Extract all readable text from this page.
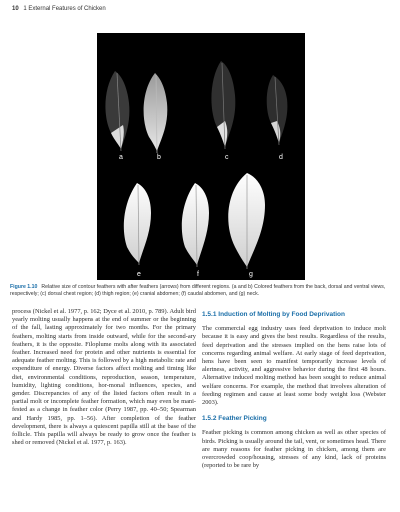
10 1 External Features of Chicken
a	b	c	d
e	f	g
Figure 1.10 Relative size of contour feathers with after feathers (arrows) from different regions. (a and b) Colored feathers from the back, dorsal and ventral views, respectively; (c) dorsal chest region; (d) thigh region; (e) cranial abdomen; (f) caudal abdomen, and (g) neck.

process (Nickel et al. 1977, p. 162; Dyce et al. 2010, p. 789). Adult bird yearly molting usually happens at the end of summer or the beginning of the fall, lasting approximately for two months. For the primary feathers, molting starts from inside outward, while for the second-ary feathers, it is the opposite. Filoplume molts along with its associated feather. Increased need for protein and other nutrients is essential for adequate feather molting. This is followed by a high metabolic rate and expenditure of energy. Diverse factors affect molting and timing like diet, environmental conditions, reproduction, season, temperature, humidity, lighting conditions, hor-monal influences, species, and gender. Discrepancies of any of the listed factors often result in a partial molt or incomplete feather formation, which may even be mani-fested as a change in feather color (Perry 1987, pp. 40–50; Spearman and Hardy 1985, pp. 1–56). After completion of the feather development, there is always a quiescent papilla still at the base of the follicle. This papilla will always be ready to grow once the feather is shed or removed (Nickel et al. 1977, p. 163).

1.5.1 Induction of Molting by Food Deprivation

The commercial egg industry uses feed deprivation to induce molt because it is easy and gives the best results. Regardless of the results, feed deprivation and the stresses implied on the hens raise lots of concerns regarding animal welfare. At early stage of feed deprivation, hens have been seen to manifest temporarily increase levels of alertness, activity, and aggressive behavior during the first 48 hours. Alternative induced molting method has been sought to reduce animal welfare concerns. For example, the method that involves alteration of feeding regimen and cause at least some body weight loss (Webster 2003).

1.5.2 Feather Picking

Feather picking is common among chicken as well as other species of birds. Picking is usually around the tail, vent, or sometimes head. There are many reasons for feather picking in chicken, among them are overcrowded coop/housing, stresses of any kind, lack of proteins (reported to be rare by
